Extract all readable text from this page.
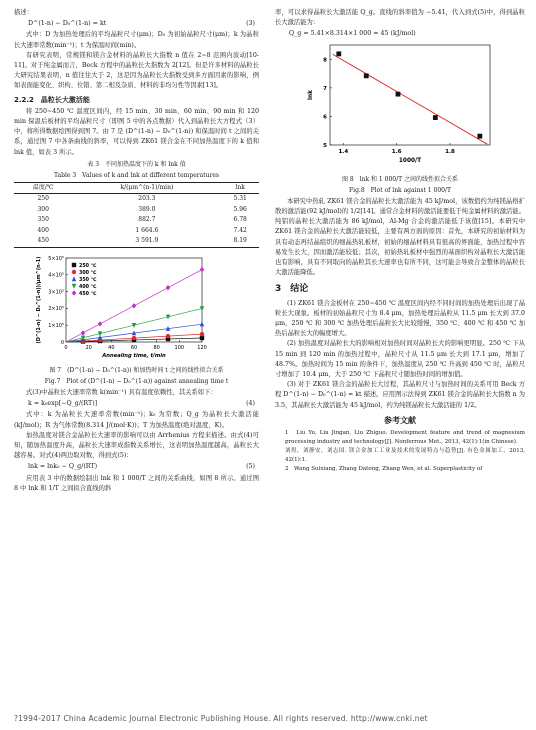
描述：

D^(1-n) − D₀^(1-n) = kt	(3)

式中：D 为加热处理后的平均晶粒尺寸(μm)；D₀ 为初始晶粒尺寸(μm)；k 为晶粒长大速率常数(min⁻¹)；t 为保温时间(min)。

有研究表明，常规镁和镁合金材料的晶粒长大指数 n 值在 2∼8 范围内波动[10-11]。对于纯金属而言，Beck 方程中的晶粒长大指数为 2[12]。但是许多材料的晶粒长大研究结果表明，n 值往往大于 2，这是因为晶粒长大指数受到多方面因素的影响，例如表面能变化、织构、位错、第二相及杂质、材料的非均匀性等因素[13]。

2.2.2　晶粒长大激活能

将 250∼450 ℃ 温度区间内，经 15 min、30 min、60 min、90 min 和 120 min 保温后板材的平均晶粒尺寸（即图 5 中的各点数据）代入到晶粒长大方程式（3）中，将所得数据绘图得到图 7。由 7 是 (D^(1-n) − D₀^(1-n)) 和保温时间 t 之间的关系，通过图 7 中各条曲线的斜率，可以得到 ZK61 镁合金在不同加热温度下的 k 值和 lnk 值，如表 3 所示。

表 3　不同加热温度下的 k 和 lnk 值
Table 3　Values of k and lnk at different temperatures
温度/℃	k/(μm^(n-1)/min)	lnk
250	203.3	5.31
300	389.0	5.96
350	882.7	6.78
400	1 664.6	7.42
450	3 591.9	8.19
0	20	40	60	80	100	120
0
1×10⁵
2×10⁵
3×10⁵
4×10⁵
5×10⁵
Annealing time, t/min
(D^(1-n) − D₀^(1-n))/μm^(n-1)	250 ℃
300 ℃
350 ℃
400 ℃
450 ℃
图 7　(D^(1-n) − D₀^(1-n)) 和加热时间 t 之间的线性拟合关系
Fig.7　Plot of (D^(1-n) − D₀^(1-n)) against annealing time t

式(3)中晶粒长大速率常数 k(min⁻¹) 具有温度依赖性，其关系如下：

k = k₀exp[−Q_g/(RT)]	(4)

式中：k 为晶粒长大速率常数(min⁻¹)；k₀ 为常数；Q_g 为晶粒长大激活能(kJ/mol)；R 为气体常数(8.314 J/(mol·K))；T 为加热温度(绝对温度，K)。

加热温度对镁合金晶粒长大速率的影响可以由 Arrhenius 方程来描述。由式(4)可知，随加热温度升高，晶粒长大速率成指数关系增长，这表明加热温度越高，晶粒长大越容易。对式(4)两边取对数，得到式(5)：

lnk = lnk₀ − Q_g/(RT)	(5)

应用表 3 中的数据绘制出 lnk 和 1 000/T 之间的关系曲线，如图 8 所示。通过图 8 中 lnk 和 1/T 之间拟合直线的斜

率，可以求得晶粒长大激活能 Q_g。直线的斜率值为 −5.41，代入到式(5)中，得到晶粒长大激活能为：

Q_g = 5.41×8.314×1 000 = 45 (kJ/mol)
1.4	1.6	1.8
5
6
7
8
1000/T
lnk
图 8　lnk 和 1 000/T 之间的线性拟合关系
Fig.8　Plot of lnk against 1 000/T

本研究中热轧 ZK61 镁合金的晶粒长大激活能为 45 kJ/mol，该数值约为纯镁晶格扩散的激活能(92 kJ/mol)的 1/2[14]。通常合金材料的激活能要低于纯金属材料的激活能。纯铝的晶粒长大激活能为 86 kJ/mol，Al-Mg 合金的激活能低于该值[15]。本研究中 ZK61 镁合金的晶粒长大激活能较低，主要有两方面的原因：首先，本研究的初始材料为具有动态再结晶组织的细晶热轧板材，初始的细晶材料具有很高的界面能，加热过程中容易发生长大，因而激活能较低；其次，初始热轧板材中强烈的基面织构对晶粒长大激活能也有影响，具有不同取向的晶粒其长大速率也有所不同，这可能会导致合金整体的晶粒长大激活能降低。

3　结论

(1) ZK61 镁合金板材在 250∼450 ℃ 温度区间内经不同时间的加热处理后出现了晶粒长大现象。板材的初始晶粒尺寸为 8.4 μm，加热处理后晶粒从 11.5 μm 长大到 37.0 μm，250 ℃ 和 300 ℃ 加热处理后晶粒长大比较缓慢，350 ℃、400 ℃ 和 450 ℃ 加热后晶粒长大的幅度增大。

(2) 加热温度对晶粒长大的影响相对加热时间对晶粒长大的影响更明显。250 ℃ 下从 15 min 到 120 min 的加热过程中，晶粒尺寸从 11.5 μm 长大到 17.1 μm，增加了 48.7%。加热时间为 15 min 的条件下，加热温度从 250 ℃ 升高到 450 ℃ 时，晶粒尺寸增加了 10.4 μm，大于 250 ℃ 下晶粒尺寸随加热时间的增加值。

(3) 对于 ZK61 镁合金的晶粒长大过程，其晶粒尺寸与加热时间的关系可用 Beck 方程 D^(1-n) − D₀^(1-n) = kt 描述。应用图示法得到 ZK61 镁合金的晶粒长大指数 n 为 3.5，其晶粒长大激活能为 45 kJ/mol，约为纯镁晶粒长大激活能的 1/2。

参考文献

1　Liu Yu, Liu Jingan, Liu Zhiguo. Development feature and trend of magnesium processing industry and technology[J]. Nonferrous Met., 2013, 42(1):1(in Chinese).

刘煜，刘静安，刘志国. 镁合金加工工业及技术的发展特点与趋势[J]. 有色金属加工，2013, 42(1):1.

2　Wang Suixiang, Zhang Datong, Zhang Wen, et al. Superplasticity of

?1994-2017 China Academic Journal Electronic Publishing House. All rights reserved. http://www.cnki.net
